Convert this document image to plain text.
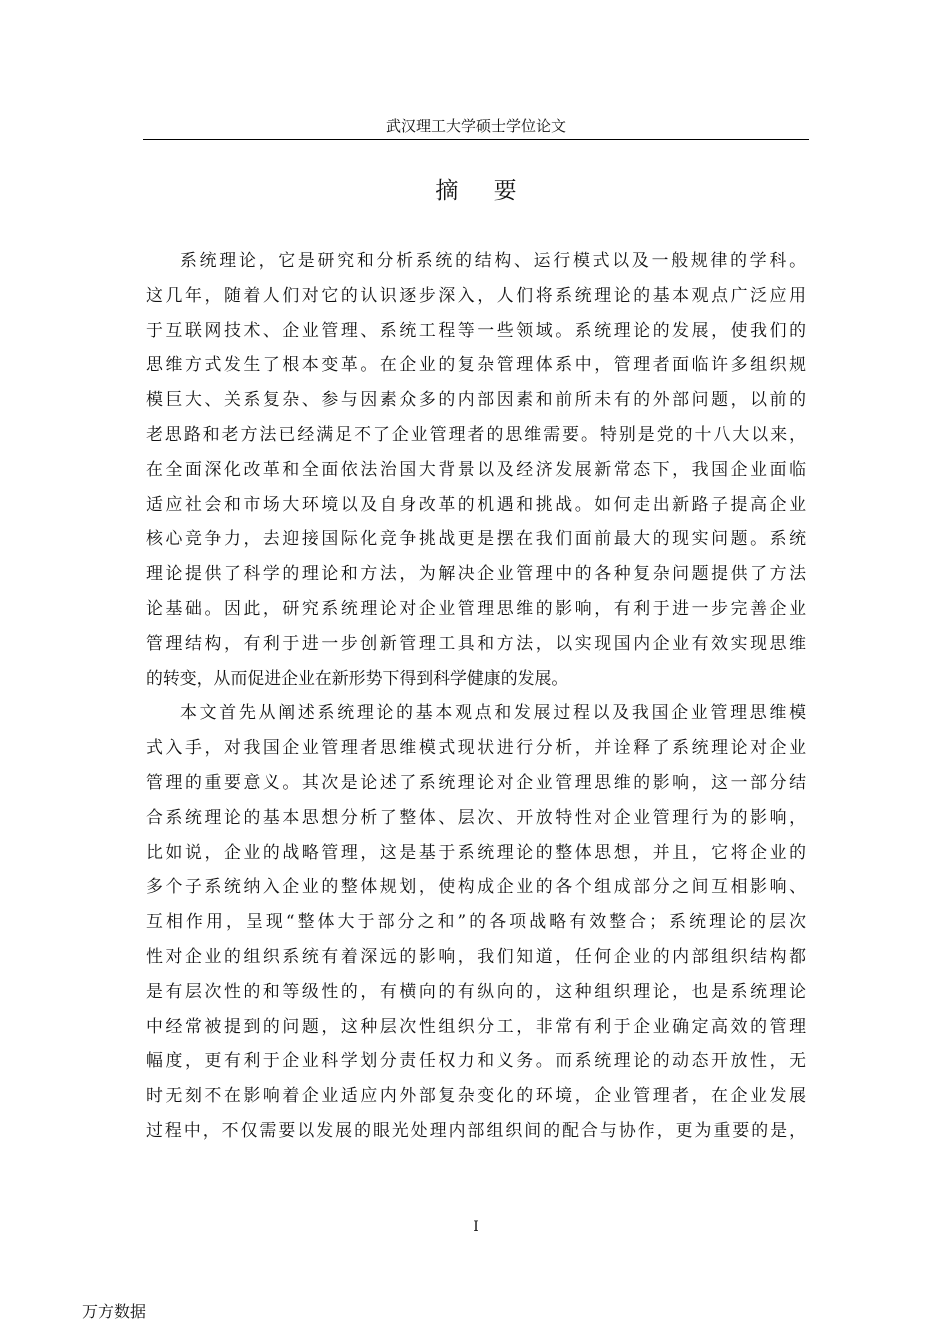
武汉理工大学硕士学位论文
摘 要
系统理论，它是研究和分析系统的结构、运行模式以及一般规律的学科。
这几年，随着人们对它的认识逐步深入，人们将系统理论的基本观点广泛应用
于互联网技术、企业管理、系统工程等一些领域。系统理论的发展，使我们的
思维方式发生了根本变革。在企业的复杂管理体系中，管理者面临许多组织规
模巨大、关系复杂、参与因素众多的内部因素和前所未有的外部问题，以前的
老思路和老方法已经满足不了企业管理者的思维需要。特别是党的十八大以来，
在全面深化改革和全面依法治国大背景以及经济发展新常态下，我国企业面临
适应社会和市场大环境以及自身改革的机遇和挑战。如何走出新路子提高企业
核心竞争力，去迎接国际化竞争挑战更是摆在我们面前最大的现实问题。系统
理论提供了科学的理论和方法，为解决企业管理中的各种复杂问题提供了方法
论基础。因此，研究系统理论对企业管理思维的影响，有利于进一步完善企业
管理结构，有利于进一步创新管理工具和方法，以实现国内企业有效实现思维
的转变，从而促进企业在新形势下得到科学健康的发展。
本文首先从阐述系统理论的基本观点和发展过程以及我国企业管理思维模
式入手，对我国企业管理者思维模式现状进行分析，并诠释了系统理论对企业
管理的重要意义。其次是论述了系统理论对企业管理思维的影响，这一部分结
合系统理论的基本思想分析了整体、层次、开放特性对企业管理行为的影响，
比如说，企业的战略管理，这是基于系统理论的整体思想，并且，它将企业的
多个子系统纳入企业的整体规划，使构成企业的各个组成部分之间互相影响、
互相作用，呈现“整体大于部分之和”的各项战略有效整合；系统理论的层次
性对企业的组织系统有着深远的影响，我们知道，任何企业的内部组织结构都
是有层次性的和等级性的，有横向的有纵向的，这种组织理论，也是系统理论
中经常被提到的问题，这种层次性组织分工，非常有利于企业确定高效的管理
幅度，更有利于企业科学划分责任权力和义务。而系统理论的动态开放性，无
时无刻不在影响着企业适应内外部复杂变化的环境，企业管理者，在企业发展
过程中，不仅需要以发展的眼光处理内部组织间的配合与协作，更为重要的是，
I
万方数据
